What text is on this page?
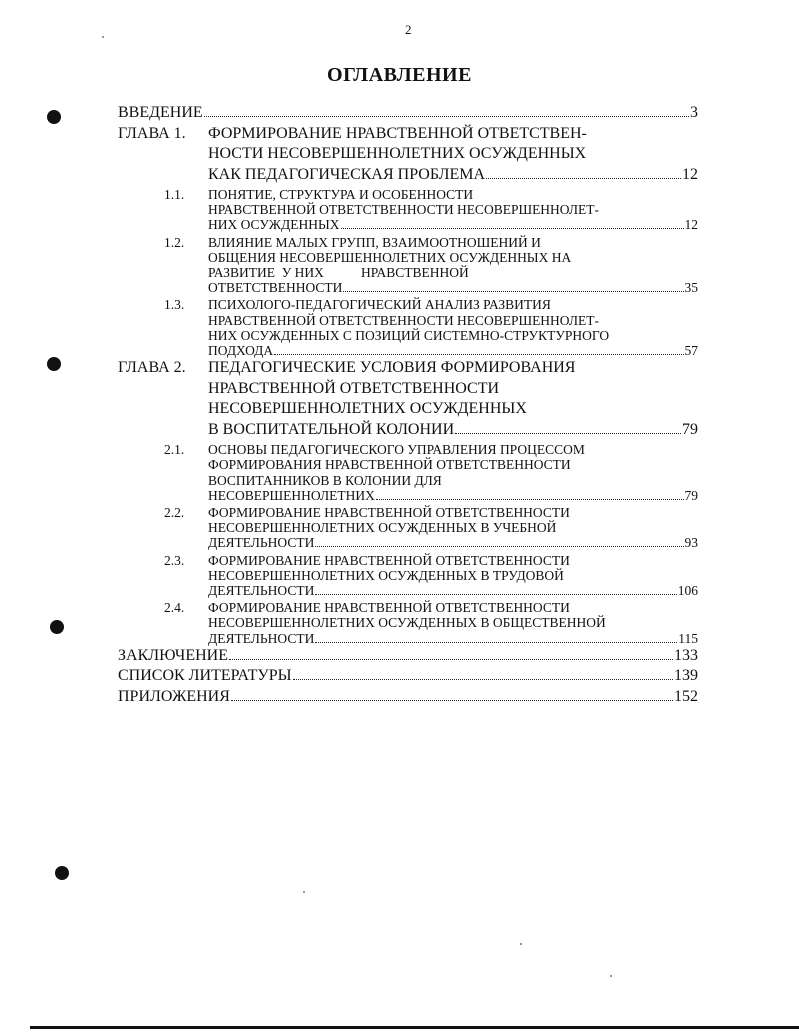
2
ОГЛАВЛЕНИЕ
ВВЕДЕНИЕ	3
ГЛАВА 1.	ФОРМИРОВАНИЕ НРАВСТВЕННОЙ ОТВЕТСТВЕН-
НОСТИ НЕСОВЕРШЕННОЛЕТНИХ ОСУЖДЕННЫХ
КАК ПЕДАГОГИЧЕСКАЯ ПРОБЛЕМА	12
1.1.	ПОНЯТИЕ, СТРУКТУРА И ОСОБЕННОСТИ
НРАВСТВЕННОЙ ОТВЕТСТВЕННОСТИ НЕСОВЕРШЕННОЛЕТ-
НИХ ОСУЖДЕННЫХ	12
1.2.	ВЛИЯНИЕ МАЛЫХ ГРУПП, ВЗАИМООТНОШЕНИЙ И
ОБЩЕНИЯ НЕСОВЕРШЕННОЛЕТНИХ ОСУЖДЕННЫХ НА
РАЗВИТИЕ  У НИХ           НРАВСТВЕННОЙ
ОТВЕТСТВЕННОСТИ	35
1.3.	ПСИХОЛОГО-ПЕДАГОГИЧЕСКИЙ АНАЛИЗ РАЗВИТИЯ
НРАВСТВЕННОЙ ОТВЕТСТВЕННОСТИ НЕСОВЕРШЕННОЛЕТ-
НИХ ОСУЖДЕННЫХ С ПОЗИЦИЙ СИСТЕМНО-СТРУКТУРНОГО
ПОДХОДА	57
ГЛАВА 2.	ПЕДАГОГИЧЕСКИЕ УСЛОВИЯ ФОРМИРОВАНИЯ
НРАВСТВЕННОЙ ОТВЕТСТВЕННОСТИ
НЕСОВЕРШЕННОЛЕТНИХ ОСУЖДЕННЫХ
В ВОСПИТАТЕЛЬНОЙ КОЛОНИИ	79
2.1.	ОСНОВЫ ПЕДАГОГИЧЕСКОГО УПРАВЛЕНИЯ ПРОЦЕССОМ
ФОРМИРОВАНИЯ НРАВСТВЕННОЙ ОТВЕТСТВЕННОСТИ
ВОСПИТАННИКОВ В КОЛОНИИ ДЛЯ
НЕСОВЕРШЕННОЛЕТНИХ	79
2.2.	ФОРМИРОВАНИЕ НРАВСТВЕННОЙ ОТВЕТСТВЕННОСТИ
НЕСОВЕРШЕННОЛЕТНИХ ОСУЖДЕННЫХ В УЧЕБНОЙ
ДЕЯТЕЛЬНОСТИ	93
2.3.	ФОРМИРОВАНИЕ НРАВСТВЕННОЙ ОТВЕТСТВЕННОСТИ
НЕСОВЕРШЕННОЛЕТНИХ ОСУЖДЕННЫХ В ТРУДОВОЙ
ДЕЯТЕЛЬНОСТИ	106
2.4.	ФОРМИРОВАНИЕ НРАВСТВЕННОЙ ОТВЕТСТВЕННОСТИ
НЕСОВЕРШЕННОЛЕТНИХ ОСУЖДЕННЫХ В ОБЩЕСТВЕННОЙ
ДЕЯТЕЛЬНОСТИ	115
ЗАКЛЮЧЕНИЕ	133
СПИСОК ЛИТЕРАТУРЫ	139
ПРИЛОЖЕНИЯ	152
